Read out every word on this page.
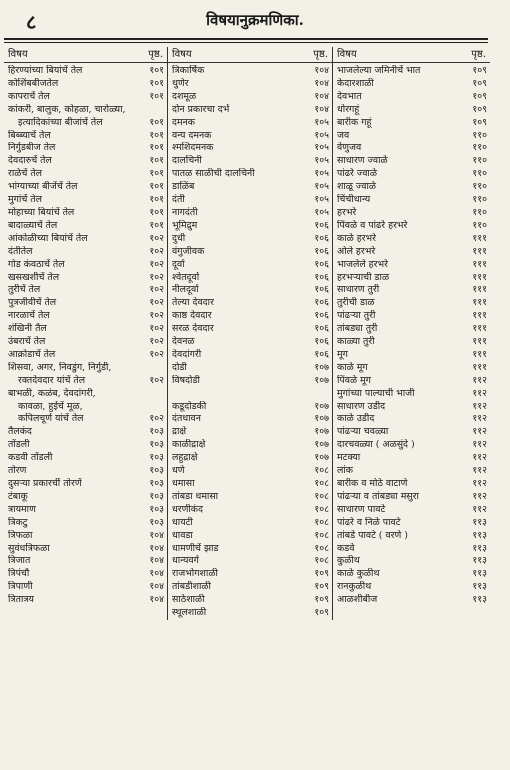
८	विषयानुक्रमणिका.
विषय	पृष्ठ.
हिरण्यांच्या बियांचें तेल	१०१
कोशिंबबीजतेल	१०१
कापराचें तेल	१०१
कांकरी, बालुक, कोहळा, चारोळ्या,
इत्यादिकांच्या बीजांचें तेल	१०१
बिब्ब्याचें तेल	१०१
निर्गुडबीज तेल	१०१
देवदारुचें तेल	१०१
राळेचें तेल	१०१
भांग्याच्या बीजेंचें तेल	१०१
मुगांचें तेल	१०१
मोहाच्या बियांचें तेल	१०१
बादाळ्याचें तेल	१०१
आंकोळीच्या बियांचें तेल	१०२
दंतीतेल	१०२
गोड कंवठाचें तेल	१०२
खसखशीचें तेल	१०२
तुरीचें तेल	१०२
पुत्रजीवीचें तेल	१०२
नारळाचें तेल	१०२
शंखिनी तैल	१०२
उंबराचें तेल	१०२
आक्रोडाचें तेल	१०२
शिसवा, अगर, निवडुंग, निर्गुडी,
रक्तदेवदार यांचें तेल	१०२
बाभळी, कळंब, देवदांगरी,
कावळा, हुईचें मूळ,
कपिलचूर्ण यांचें तेल	१०२
तैलकंद	१०३
तोंडली	१०३
कडवी तोंडली	१०३
तोरण	१०३
दुसऱ्या प्रकारचीं तोरणें	१०३
टंबाकू	१०३
त्रायमाण	१०३
त्रिकटु	१०३
त्रिफळा	१०४
सुवंधत्रिफळा	१०४
त्रिजात	१०४
त्रिपंचौ	१०४
त्रिपाणी	१०४
त्रितात्रय	१०४
विषय	पृष्ठ.
त्रिकार्षिक	१०४
थुणेर	१०४
दशमूळ	१०४
दोन प्रकारचा दर्भ	१०४
दमनक	१०५
वन्य दमनक	१०५
श्मशिदमनक	१०५
दालचिनी	१०५
पातळ साळीची दालचिनी	१०५
डाळिंब	१०५
दंती	१०५
नागदंती	१०५
भूमिद्रुम	१०६
दुधी	१०६
वंगुजीवक	१०६
दूर्वा	१०६
श्वेतदूर्वा	१०६
नीलदूर्वा	१०६
तेल्या देवदार	१०६
काष्ठ देवदार	१०६
सरळ देवदार	१०६
देवनळ	१०६
देवदांगरी	१०६
दोडी	१०७
विषदोडी	१०७
कडूदोडकी	१०७
दंतधावन	१०७
द्राक्षे	१०७
काळीद्राक्षे	१०७
लहुद्राक्षे	१०७
धणे	१०८
धमासा	१०८
तांबडा धमासा	१०८
धरणीकंद	१०८
धायटी	१०८
धावडा	१०८
धामणीचें झाड	१०८
धान्यवर्ग	१०८
राजभोगशाळी	१०९
तांबडीशाळी	१०९
साठेशाळी	१०९
स्थूलशाळी	१०९
विषय	पृष्ठ.
भाजलेल्या जमिनीचें भात	१०९
केदारशाळी	१०९
देवभात	१०९
धोरगहूं	१०९
बारीक गहूं	१०९
जव	११०
वेणुजव	११०
साधारण ज्वाळे	११०
पांढरे ज्वाळे	११०
शाळू ज्वाळे	११०
चिंचीधान्य	११०
हरभरे	११०
पिंवळे व पांढरे हरभरे	११०
काळे हरभरे	१११
ओले हरभरे	१११
भाजलेले हरभरे	१११
हरभऱ्याची डाळ	१११
साधारण तुरी	१११
तुरीची डाळ	१११
पांढऱ्या तुरी	१११
तांबड्या तुरी	१११
काळ्या तुरी	१११
मूग	१११
काळे मूग	१११
पिंवळे मूग	११२
मुगांच्या पाल्याची भाजी	११२
साधारण उडीद	११२
काळे उडीद	११२
पांढऱ्या चवळ्या	११२
दारचवळ्या ( अळसुंदे )	११२
मटक्या	११२
लांक	११२
बारीक व मोठे वाटाणे	११२
पांढऱ्या व तांबड्या मसुरा	११२
साधारण पावटे	११२
पांढरे व निळे पावटे	११३
तांबडे पावटे ( वरणे )	११३
कडवे	११३
कुळीथ	११३
काळे कुळीथ	११३
रानकुळीथ	११३
आळशीबीज	११३
